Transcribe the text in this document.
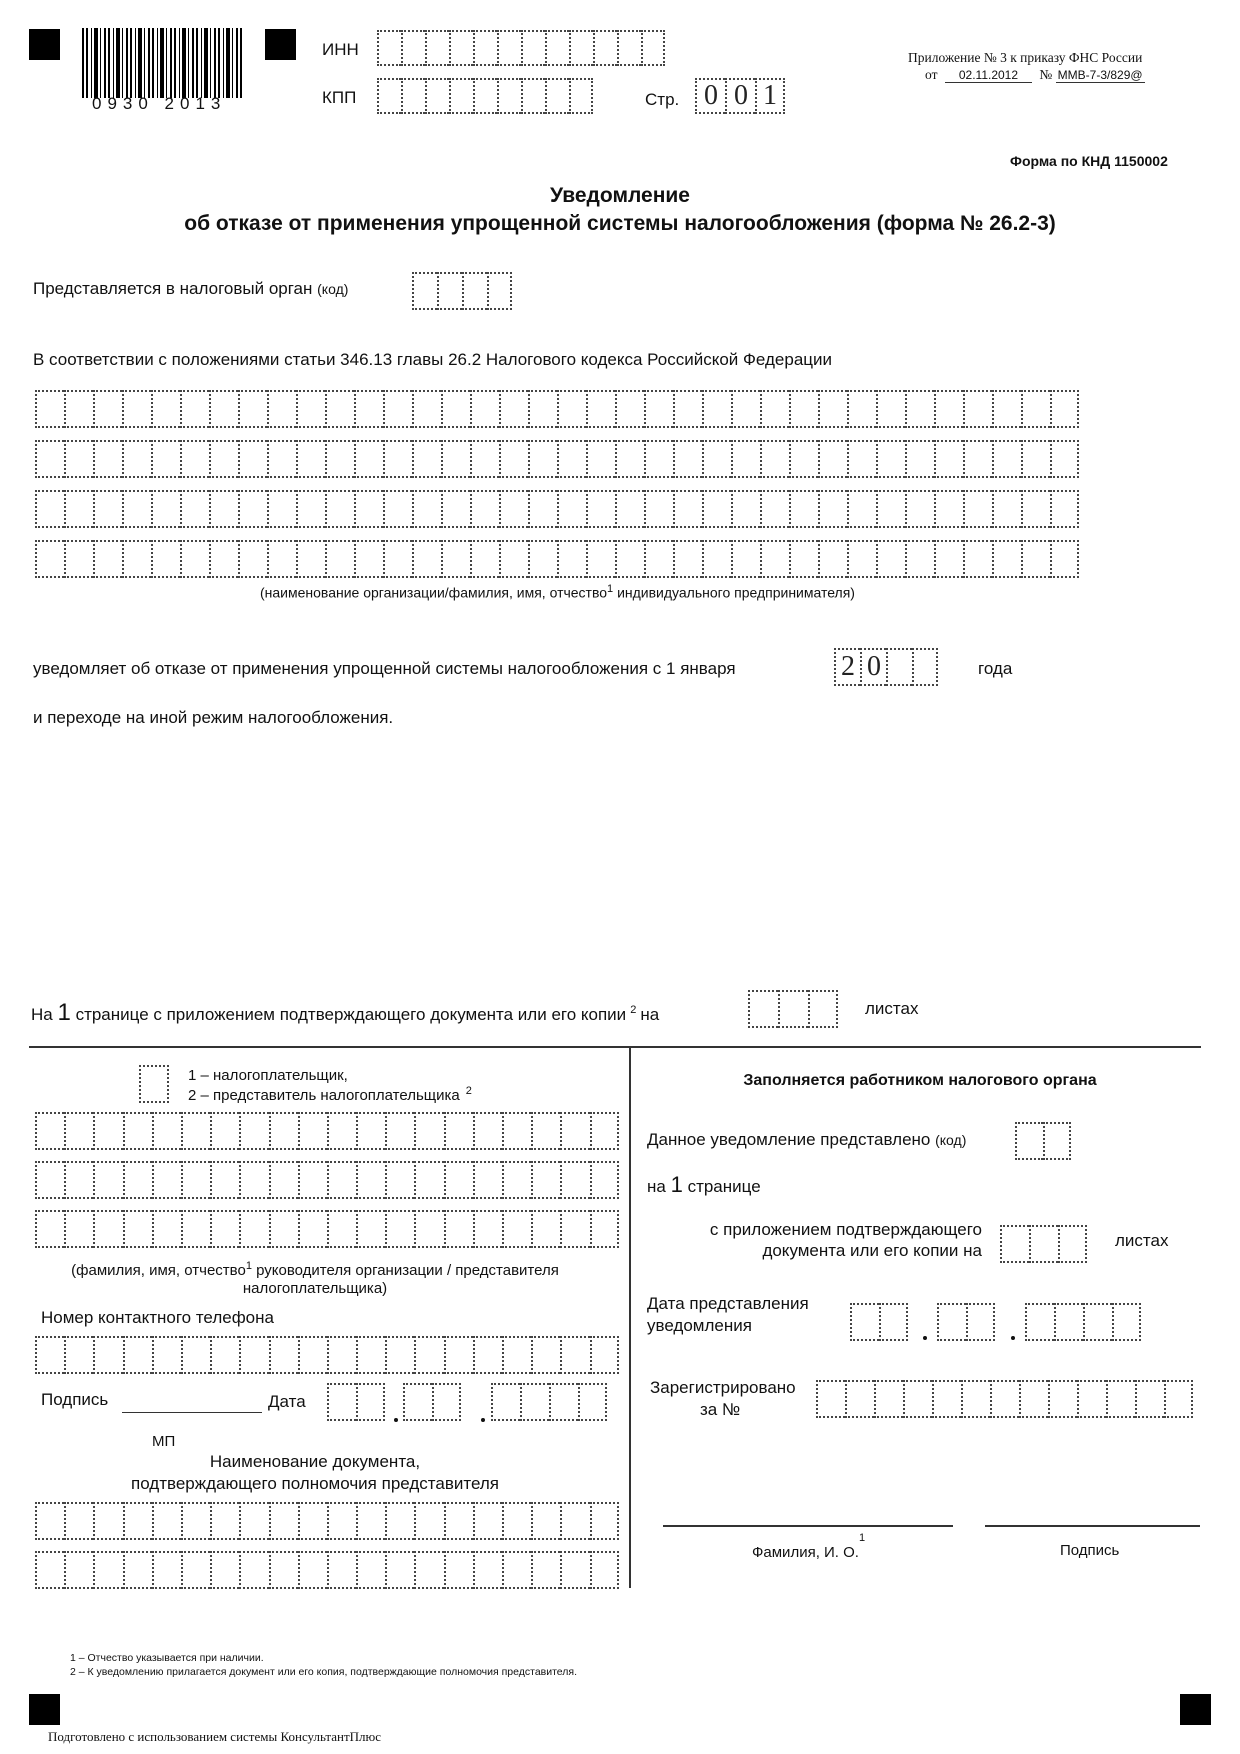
0930 2013
ИНН
КПП	Стр. 0 0 1
Приложение № 3 к приказу ФНС России
от 02.11.2012 № ММВ-7-3/829@
Форма по КНД 1150002
Уведомление
об отказе от применения упрощенной системы налогообложения (форма № 26.2-3)
Представляется в налоговый орган (код)
В соответствии с положениями статьи 346.13 главы 26.2 Налогового кодекса Российской Федерации
(наименование организации/фамилия, имя, отчество$^1$ индивидуального предпринимателя)
уведомляет об отказе от применения упрощенной системы налогообложения с 1 января	2 0	года
и переходе на иной режим налогообложения.
На 1 странице с приложением подтверждающего документа или его копии $^2$ на	листах
1 – налогоплательщик,
2 – представитель налогоплательщика $^2$
(фамилия, имя, отчество$^1$ руководителя организации / представителя
налогоплательщика)
Номер контактного телефона
Подпись	Дата
МП
Наименование документа,
подтверждающего полномочия представителя
Заполняется работником налогового органа
Данное уведомление представлено (код)
на 1 странице
с приложением подтверждающего
документа или его копии на
листах
Дата представления
уведомления
Зарегистрировано
за №
Фамилия, И. О.$^1$
Подпись
1 – Отчество указывается при наличии.
2 – К уведомлению прилагается документ или его копия, подтверждающие полномочия представителя.
Подготовлено с использованием системы КонсультантПлюс
